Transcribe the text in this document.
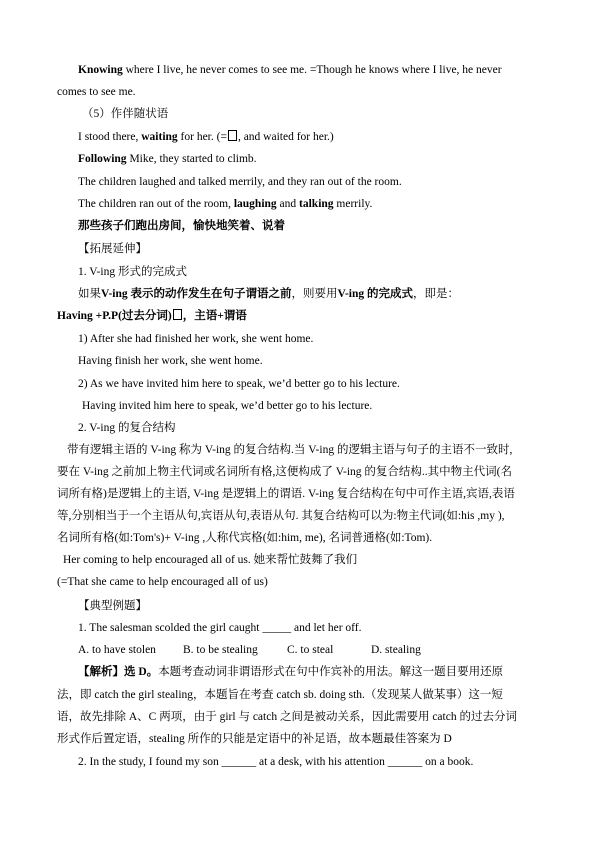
Knowing where I live, he never comes to see me. =Though he knows where I live, he never
comes to see me.
（5）作伴随状语
I stood there, waiting for her. (= , and waited for her.)
Following Mike, they started to climb.
The children laughed and talked merrily, and they ran out of the room.
The children ran out of the room, laughing and talking merrily.
那些孩子们跑出房间，愉快地笑着、说着
【拓展延伸】
1. V-ing 形式的完成式
如果V-ing 表示的动作发生在句子谓语之前，则要用V-ing 的完成式，即是：
Having +P.P(过去分词) ，主语+谓语
1) After she had finished her work, she went home.
Having finish her work, she went home.
2) As we have invited him here to speak, we’d better go to his lecture.
Having invited him here to speak, we’d better go to his lecture.
2. V-ing 的复合结构
带有逻辑主语的 V-ing 称为 V-ing 的复合结构.当 V-ing 的逻辑主语与句子的主语不一致时,
要在 V-ing 之前加上物主代词或名词所有格,这便构成了 V-ing 的复合结构..其中物主代词(名
词所有格)是逻辑上的主语, V-ing 是逻辑上的谓语. V-ing 复合结构在句中可作主语,宾语,表语
等,分别相当于一个主语从句,宾语从句,表语从句. 其复合结构可以为:物主代词(如:his ,my ),
名词所有格(如:Tom's)+ V-ing ,人称代宾格(如:him, me), 名词普通格(如:Tom).
Her coming to help encouraged all of us. 她来帮忙鼓舞了我们
(=That she came to help encouraged all of us)
【典型例题】
1. The salesman scolded the girl caught _____ and let her off.
A. to have stolen B. to be stealing	C. to steal	D. stealing
【解析】选 D。本题考查动词非谓语形式在句中作宾补的用法。解这一题目要用还原
法，即 catch the girl stealing，本题旨在考查 catch sb. doing sth.（发现某人做某事）这一短
语，故先排除 A、C 两项，由于 girl 与 catch 之间是被动关系，因此需要用 catch 的过去分词
形式作后置定语，stealing 所作的只能是定语中的补足语，故本题最佳答案为 D
2. In the study, I found my son ______ at a desk, with his attention ______ on a book.
